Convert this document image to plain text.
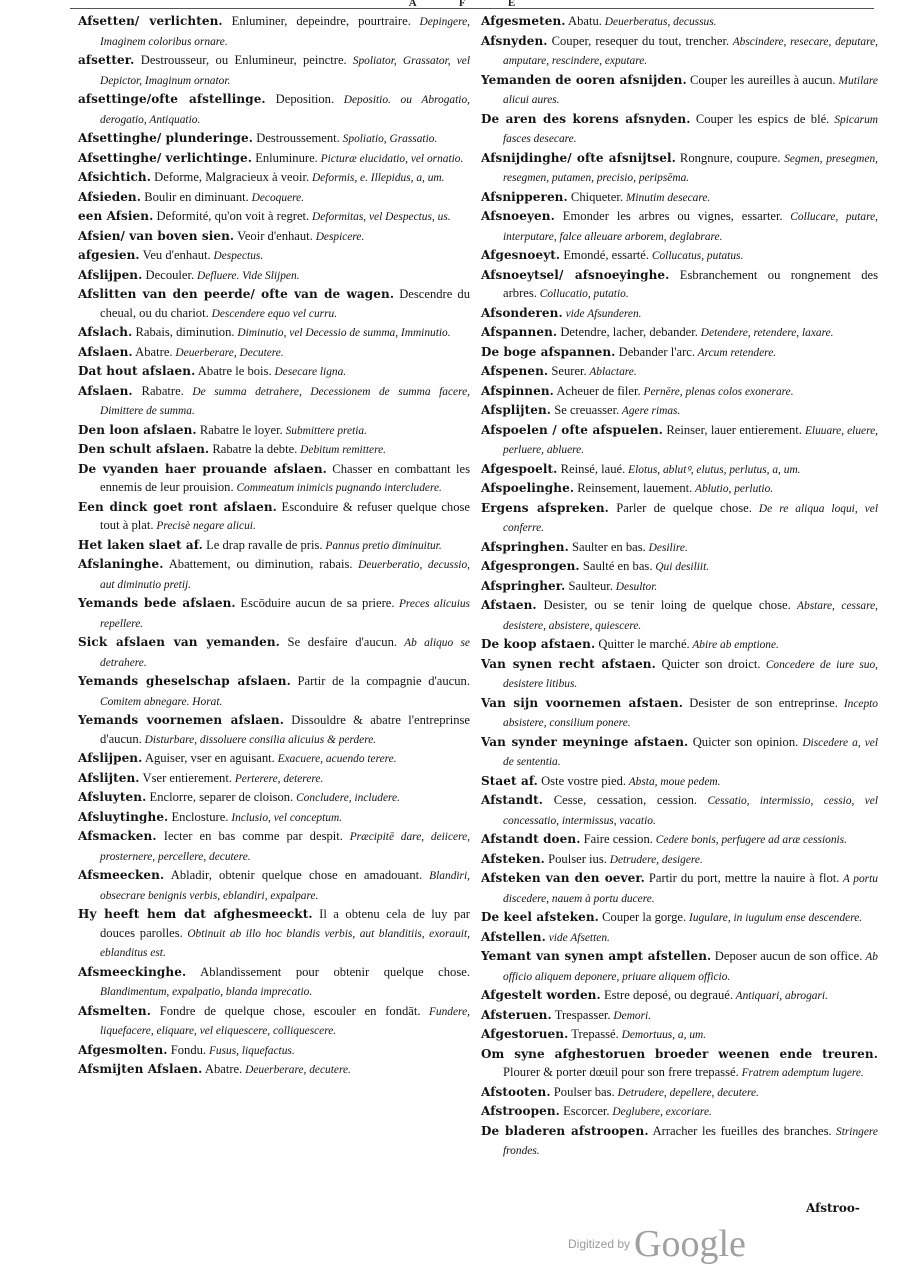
A F E

Afsetten/ verlichten. Enluminer, depeindre, pourtraire. Depingere, Imaginem coloribus ornare.

afsetter. Destrousseur, ou Enlumineur, peinctre. Spoliator, Grassator, vel Depictor, Imaginum ornator.

afsettinge/ofte afstellinge. Deposition. Depositio. ou Abrogatio, derogatio, Antiquatio.

Afsettinghe/ plunderinge. Destroussement. Spoliatio, Grassatio.

Afsettinghe/ verlichtinge. Enluminure. Picturæ elucidatio, vel ornatio.

Afsichtich. Deforme, Malgracieux à veoir. Deformis, e. Illepidus, a, um.

Afsieden. Boulir en diminuant. Decoquere.

een Afsien. Deformité, qu'on voit à regret. Deformitas, vel Despectus, us.

Afsien/ van boven sien. Veoir d'enhaut. Despicere.

afgesien. Veu d'enhaut. Despectus.

Afslijpen. Decouler. Defluere. Vide Slijpen.

Afslitten van den peerde/ ofte van de wagen. Descendre du cheual, ou du chariot. Descendere equo vel curru.

Afslach. Rabais, diminution. Diminutio, vel Decessio de summa, Imminutio.

Afslaen. Abatre. Deuerberare, Decutere.

Dat hout afslaen. Abatre le bois. Desecare ligna.

Afslaen. Rabatre. De summa detrahere, Decessionem de summa facere, Dimittere de summa.

Den loon afslaen. Rabatre le loyer. Submittere pretia.

Den schult afslaen. Rabatre la debte. Debitum remittere.

De vyanden haer prouande afslaen. Chasser en combattant les ennemis de leur prouision. Commeatum inimicis pugnando intercludere.

Een dinck goet ront afslaen. Esconduire & refuser quelque chose tout à plat. Precisè negare alicui.

Het laken slaet af. Le drap ravalle de pris. Pannus pretio diminuitur.

Afslaninghe. Abattement, ou diminution, rabais. Deuerberatio, decussio, aut diminutio pretij.

Yemands bede afslaen. Escōduire aucun de sa priere. Preces alicuius repellere.

Sick afslaen van yemanden. Se desfaire d'aucun. Ab aliquo se detrahere.

Yemands gheselschap afslaen. Partir de la compagnie d'aucun. Comitem abnegare. Horat.

Yemands voornemen afslaen. Dissouldre & abatre l'entreprinse d'aucun. Disturbare, dissoluere consilia alicuius & perdere.

Afslijpen. Aguiser, vser en aguisant. Exacuere, acuendo terere.

Afslijten. Vser entierement. Perterere, deterere.

Afsluyten. Enclorre, separer de cloison. Concludere, includere.

Afsluytinghe. Enclosture. Inclusio, vel conceptum.

Afsmacken. Iecter en bas comme par despit. Præcipitē dare, deiicere, prosternere, percellere, decutere.

Afsmeecken. Abladir, obtenir quelque chose en amadouant. Blandiri, obsecrare benignis verbis, eblandiri, expalpare.

Hy heeft hem dat afghesmeeckt. Il a obtenu cela de luy par douces parolles. Obtinuit ab illo hoc blandis verbis, aut blanditiis, exorauit, eblanditus est.

Afsmeeckinghe. Ablandissement pour obtenir quelque chose. Blandimentum, expalpatio, blanda imprecatio.

Afsmelten. Fondre de quelque chose, escouler en fondāt. Fundere, liquefacere, eliquare, vel eliquescere, colliquescere.

Afgesmolten. Fondu. Fusus, liquefactus.

Afsmijten Afslaen. Abatre. Deuerberare, decutere.

Afgesmeten. Abatu. Deuerberatus, decussus.

Afsnyden. Couper, resequer du tout, trencher. Abscindere, resecare, deputare, amputare, rescindere, exputare.

Yemanden de ooren afsnijden. Couper les aureilles à aucun. Mutilare alicui aures.

De aren des korens afsnyden. Couper les espics de blé. Spicarum fasces desecare.

Afsnijdinghe/ ofte afsnijtsel. Rongnure, coupure. Segmen, presegmen, resegmen, putamen, precisio, peripsēma.

Afsnipperen. Chiqueter. Minutim desecare.

Afsnoeyen. Emonder les arbres ou vignes, essarter. Collucare, putare, interputare, falce alleuare arborem, deglabrare.

Afgesnoeyt. Emondé, essarté. Collucatus, putatus.

Afsnoeytsel/ afsnoeyinghe. Esbranchement ou rongnement des arbres. Collucatio, putatio.

Afsonderen. vide Afsunderen.

Afspannen. Detendre, lacher, debander. Detendere, retendere, laxare.

De boge afspannen. Debander l'arc. Arcum retendere.

Afspenen. Seurer. Ablactare.

Afspinnen. Acheuer de filer. Pernēre, plenas colos exonerare.

Afsplijten. Se creuasser. Agere rimas.

Afspoelen / ofte afspuelen. Reinser, lauer entierement. Eluuare, eluere, perluere, abluere.

Afgespoelt. Reinsé, laué. Elotus, ablutꝰ, elutus, perlutus, a, um.

Afspoelinghe. Reinsement, lauement. Ablutio, perlutio.

Ergens afspreken. Parler de quelque chose. De re aliqua loqui, vel conferre.

Afspringhen. Saulter en bas. Desilire.

Afgesprongen. Saulté en bas. Qui desiliit.

Afspringher. Saulteur. Desultor.

Afstaen. Desister, ou se tenir loing de quelque chose. Abstare, cessare, desistere, absistere, quiescere.

De koop afstaen. Quitter le marché. Abire ab emptione.

Van synen recht afstaen. Quicter son droict. Concedere de iure suo, desistere litibus.

Van sijn voornemen afstaen. Desister de son entreprinse. Incepto absistere, consilium ponere.

Van synder meyninge afstaen. Quicter son opinion. Discedere a, vel de sententia.

Staet af. Oste vostre pied. Absta, moue pedem.

Afstandt. Cesse, cessation, cession. Cessatio, intermissio, cessio, vel concessatio, intermissus, vacatio.

Afstandt doen. Faire cession. Cedere bonis, perfugere ad aræ cessionis.

Afsteken. Poulser ius. Detrudere, desigere.

Afsteken van den oever. Partir du port, mettre la nauire à flot. A portu discedere, nauem à portu ducere.

De keel afsteken. Couper la gorge. Iugulare, in iugulum ense descendere.

Afstellen. vide Afsetten.

Yemant van synen ampt afstellen. Deposer aucun de son office. Ab officio aliquem deponere, priuare aliquem officio.

Afgestelt worden. Estre deposé, ou degraué. Antiquari, abrogari.

Afsteruen. Trespasser. Demori.

Afgestoruen. Trepassé. Demortuus, a, um.

Om syne afghestoruen broeder weenen ende treuren. Plourer & porter dœuil pour son frere trepassé. Fratrem ademptum lugere.

Afstooten. Poulser bas. Detrudere, depellere, decutere.

Afstroopen. Escorcer. Deglubere, excoriare.

De bladeren afstroopen. Arracher les fueilles des branches. Stringere frondes.

Afstroo-
$^{Digitized by}$ Google
